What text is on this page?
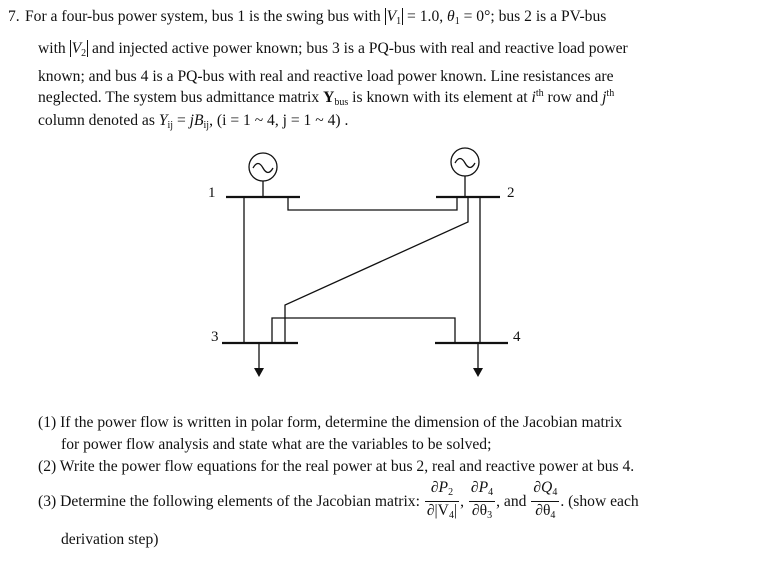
7. For a four-bus power system, bus 1 is the swing bus with $V_1 = 1.0$, $\theta_1 = 0^\circ$; bus 2 is a PV-bus
with $V_2$ and injected active power known; bus 3 is a PQ-bus with real and reactive load power
known; and bus 4 is a PQ-bus with real and reactive load power known. Line resistances are
neglected. The system bus admittance matrix $Y_{bus}$ is known with its element at $i^{th}$ row and $j^{th}$
column denoted as $Y_{ij} = jB_{ij}$, (i = 1 ~ 4, j = 1 ~ 4) .
1	2
3	4
(1) If the power flow is written in polar form, determine the dimension of the Jacobian matrix
for power flow analysis and state what are the variables to be solved;
(2) Write the power flow equations for the real power at bus 2, real and reactive power at bus 4.
(3) Determine the following elements of the Jacobian matrix: $\frac{\partial P_2}{\partial|V_4|}$ , $\frac{\partial P_4}{\partial\theta_3}$ , and $\frac{\partial Q_4}{\partial\theta_4}$ . (show each
derivation step)
